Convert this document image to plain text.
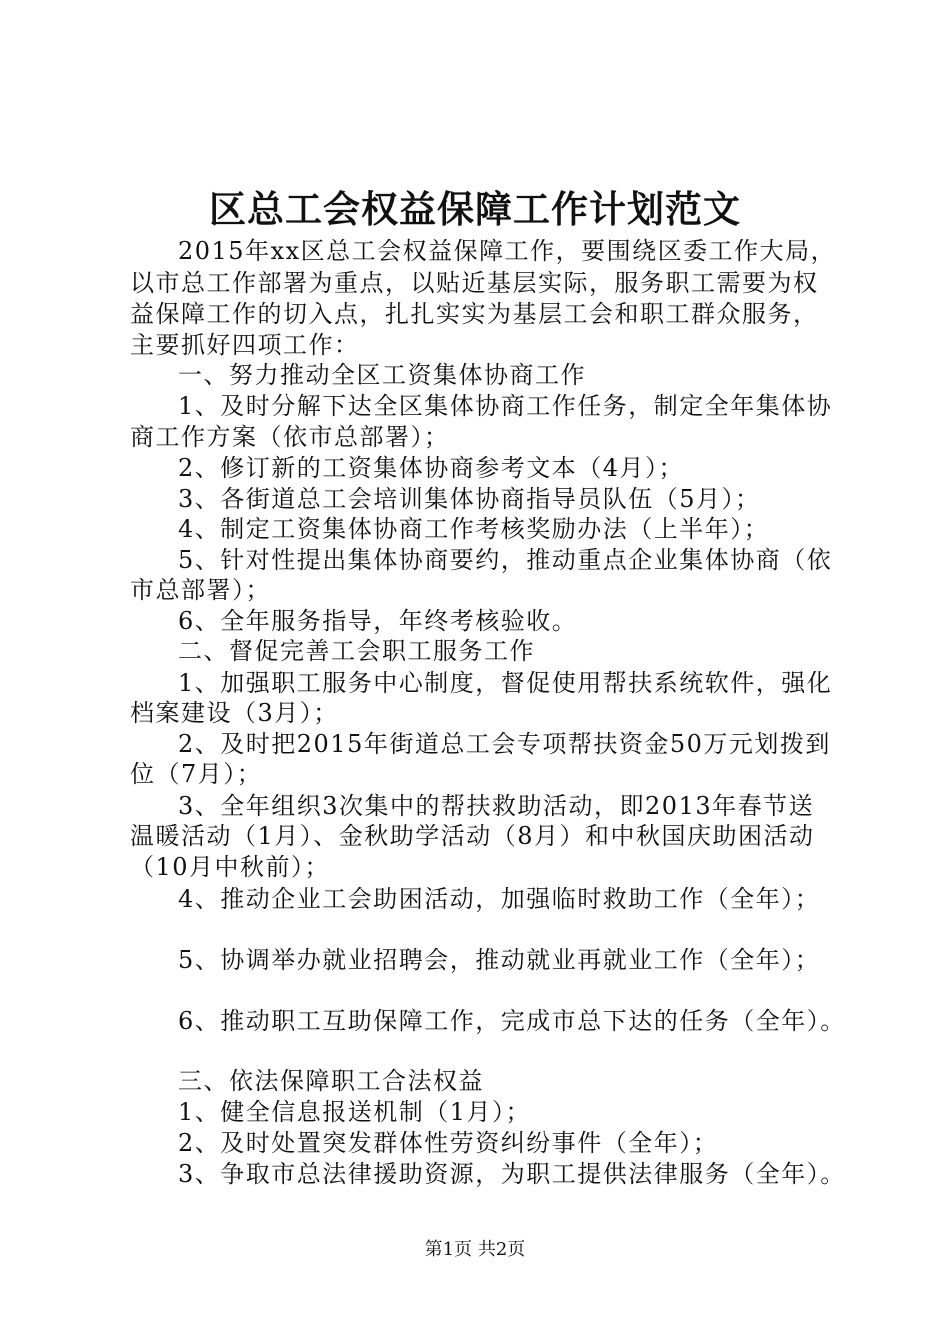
区总工会权益保障工作计划范文
2015年xx区总工会权益保障工作，要围绕区委工作大局，
以市总工作部署为重点，以贴近基层实际，服务职工需要为权
益保障工作的切入点，扎扎实实为基层工会和职工群众服务，
主要抓好四项工作：
一、努力推动全区工资集体协商工作
1、及时分解下达全区集体协商工作任务，制定全年集体协
商工作方案（依市总部署）；
2、修订新的工资集体协商参考文本（4月）；
3、各街道总工会培训集体协商指导员队伍（5月）；
4、制定工资集体协商工作考核奖励办法（上半年）；
5、针对性提出集体协商要约，推动重点企业集体协商（依
市总部署）；
6、全年服务指导，年终考核验收。
二、督促完善工会职工服务工作
1、加强职工服务中心制度，督促使用帮扶系统软件，强化
档案建设（3月）；
2、及时把2015年街道总工会专项帮扶资金50万元划拨到
位（7月）；
3、全年组织3次集中的帮扶救助活动，即2013年春节送
温暖活动（1月）、金秋助学活动（8月）和中秋国庆助困活动
（10月中秋前）；
4、推动企业工会助困活动，加强临时救助工作（全年）；
5、协调举办就业招聘会，推动就业再就业工作（全年）；
6、推动职工互助保障工作，完成市总下达的任务（全年）。
三、依法保障职工合法权益
1、健全信息报送机制（1月）；
2、及时处置突发群体性劳资纠纷事件（全年）；
3、争取市总法律援助资源，为职工提供法律服务（全年）。
第1页 共2页
